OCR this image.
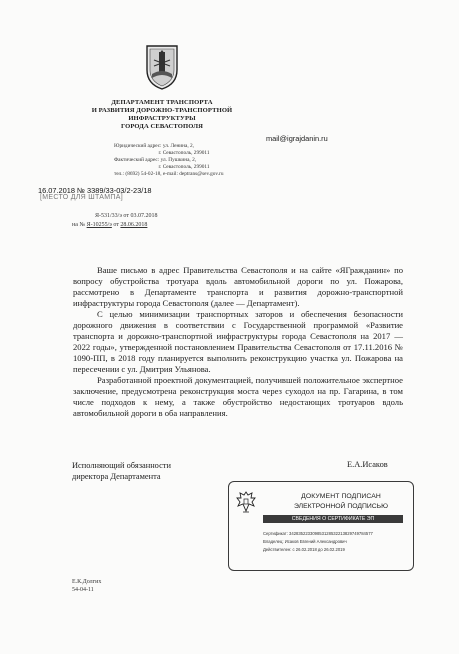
ДЕПАРТАМЕНТ ТРАНСПОРТА
И РАЗВИТИЯ ДОРОЖНО-ТРАНСПОРТНОЙ
ИНФРАСТРУКТУРЫ
ГОРОДА СЕВАСТОПОЛЯ
Юридический адрес: ул. Ленина, 2,
г. Севастополь, 299011
Фактический адрес: ул. Пушкина, 2,
г. Севастополь, 299011
тел.: (8692) 54-02-18, e-mail: deptrans@sev.gov.ru
mail@igrajdanin.ru
16.07.2018 № 3389/33-03/2-23/18
[МЕСТО ДЛЯ ШТАМПА]
Я-531/33/э от 03.07.2018
на № Я-10255/э от 28.06.2018

Ваше письмо в адрес Правительства Севастополя и на сайте «ЯГражданин» по вопросу обустройства тротуара вдоль автомобильной дороги по ул. Пожарова, рассмотрено в Департаменте транспорта и развития дорожно-транспортной инфраструктуры города Севастополя (далее — Департамент).

С целью минимизации транспортных заторов и обеспечения безопасности дорожного движения в соответствии с Государственной программой «Развитие транспорта и дорожно-транспортной инфраструктуры города Севастополя на 2017 — 2022 годы», утвержденной постановлением Правительства Севастополя от 17.11.2016 № 1090-ПП, в 2018 году планируется выполнить реконструкцию участка ул. Пожарова на пересечении с ул. Дмитрия Ульянова.

Разработанной проектной документацией, получившей положительное экспертное заключение, предусмотрена реконструкция моста через суходол на пр. Гагарина, в том числе подходов к нему, а также обустройство недостающих тротуаров вдоль автомобильной дороги в оба направления.

Исполняющий обязанности
директора Департамента
Е.А.Исаков
ДОКУМЕНТ ПОДПИСАН
ЭЛЕКТРОННОЙ ПОДПИСЬЮ
СВЕДЕНИЯ О СЕРТИФИКАТЕ ЭП
Сертификат: 342835223309853128532213829749784577
Владелец: Исаков Евгений Александрович
Действителен: с 26.02.2018 до 26.02.2019
Е.К.Долгих
54-04-11
